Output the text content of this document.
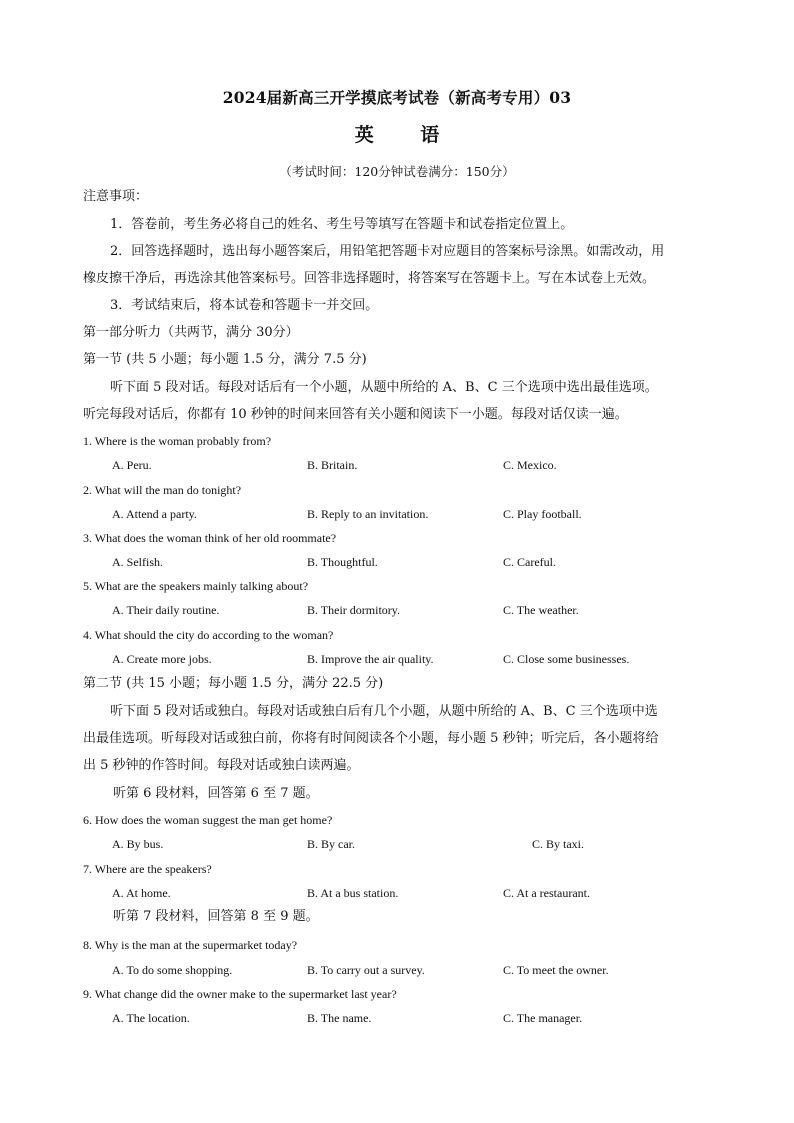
2024届新高三开学摸底考试卷（新高考专用）03
英 语
（考试时间：120分钟试卷满分：150分）
注意事项：
1．答卷前，考生务必将自己的姓名、考生号等填写在答题卡和试卷指定位置上。
2．回答选择题时，选出每小题答案后，用铅笔把答题卡对应题目的答案标号涂黑。如需改动，用
橡皮擦干净后，再选涂其他答案标号。回答非选择题时，将答案写在答题卡上。写在本试卷上无效。
3．考试结束后，将本试卷和答题卡一并交回。
第一部分听力（共两节，满分 30分）
第一节 (共 5 小题；每小题 1.5 分，满分 7.5 分)
听下面 5 段对话。每段对话后有一个小题，从题中所给的 A、B、C 三个选项中选出最佳选项。
听完每段对话后，你都有 10 秒钟的时间来回答有关小题和阅读下一小题。每段对话仅读一遍。
1. Where is the woman probably from?
A. Peru.	B. Britain.	C. Mexico.
2. What will the man do tonight?
A. Attend a party.	B. Reply to an invitation.	C. Play football.
3. What does the woman think of her old roommate?
A. Selfish.	B. Thoughtful.	C. Careful.
5. What are the speakers mainly talking about?
A. Their daily routine.	B. Their dormitory.	C. The weather.
4. What should the city do according to the woman?
A. Create more jobs.	B. Improve the air quality.	C. Close some businesses.
第二节 (共 15 小题；每小题 1.5 分，满分 22.5 分)
听下面 5 段对话或独白。每段对话或独白后有几个小题，从题中所给的 A、B、C 三个选项中选
出最佳选项。听每段对话或独白前，你将有时间阅读各个小题，每小题 5 秒钟；听完后，各小题将给
出 5 秒钟的作答时间。每段对话或独白读两遍。
听第 6 段材料，回答第 6 至 7 题。
6. How does the woman suggest the man get home?
A. By bus.	B. By car.	C. By taxi.
7. Where are the speakers?
A. At home.	B. At a bus station.	C. At a restaurant.
听第 7 段材料，回答第 8 至 9 题。
8. Why is the man at the supermarket today?
A. To do some shopping.	B. To carry out a survey.	C. To meet the owner.
9. What change did the owner make to the supermarket last year?
A. The location.	B. The name.	C. The manager.
